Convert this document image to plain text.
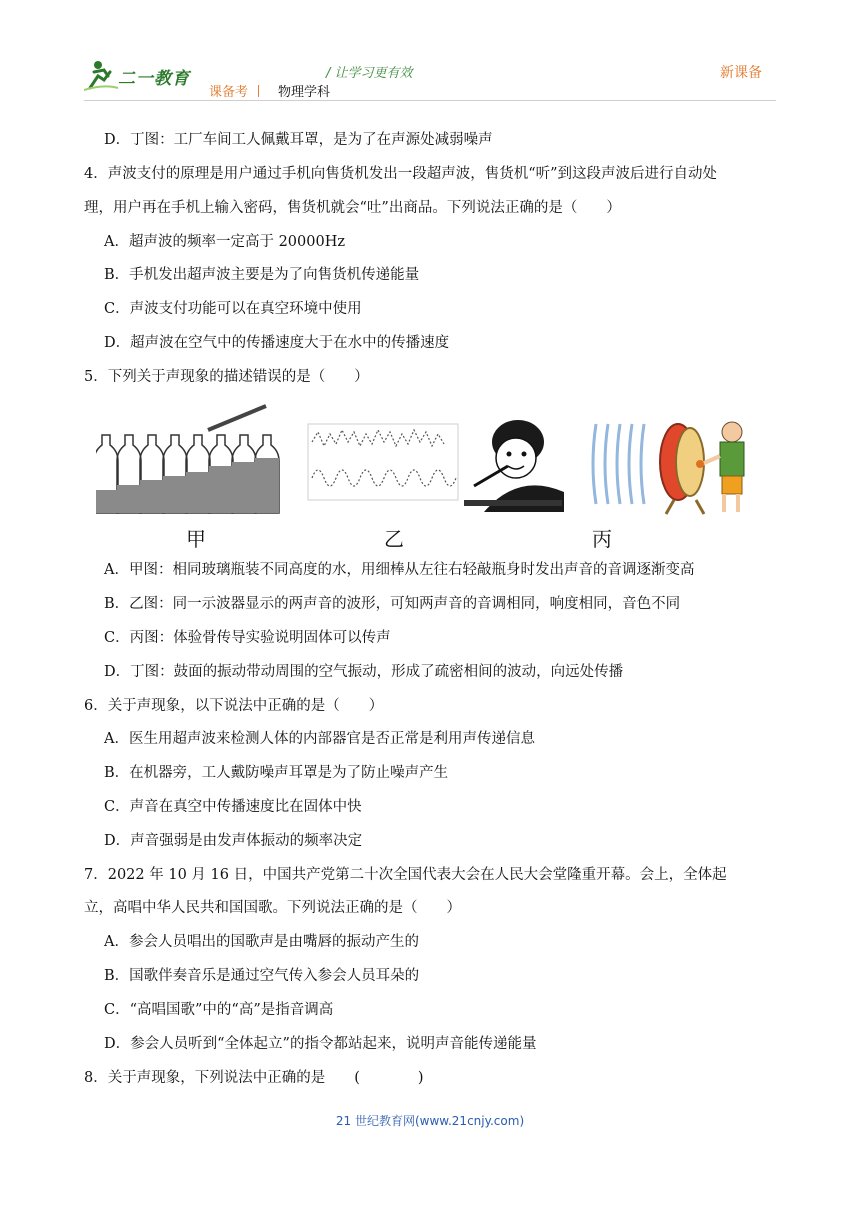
二一教育	/ 让学习更有效	新课备
课备考 丨 物理学科
D．丁图：工厂车间工人佩戴耳罩，是为了在声源处减弱噪声
4．声波支付的原理是用户通过手机向售货机发出一段超声波，售货机“听”到这段声波后进行自动处
理，用户再在手机上输入密码，售货机就会“吐”出商品。下列说法正确的是（　　）
A．超声波的频率一定高于 20000Hz
B．手机发出超声波主要是为了向售货机传递能量
C．声波支付功能可以在真空环境中使用
D．超声波在空气中的传播速度大于在水中的传播速度
5．下列关于声现象的描述错误的是（　　）
甲	乙	丙
A．甲图：相同玻璃瓶装不同高度的水，用细棒从左往右轻敲瓶身时发出声音的音调逐渐变高
B．乙图：同一示波器显示的两声音的波形，可知两声音的音调相同，响度相同，音色不同
C．丙图：体验骨传导实验说明固体可以传声
D．丁图：鼓面的振动带动周围的空气振动，形成了疏密相间的波动，向远处传播
6．关于声现象，以下说法中正确的是（　　）
A．医生用超声波来检测人体的内部器官是否正常是利用声传递信息
B．在机器旁，工人戴防噪声耳罩是为了防止噪声产生
C．声音在真空中传播速度比在固体中快
D．声音强弱是由发声体振动的频率决定
7．2022 年 10 月 16 日，中国共产党第二十次全国代表大会在人民大会堂隆重开幕。会上，全体起
立，高唱中华人民共和国国歌。下列说法正确的是（　　）
A．参会人员唱出的国歌声是由嘴唇的振动产生的
B．国歌伴奏音乐是通过空气传入参会人员耳朵的
C．“高唱国歌”中的“高”是指音调高
D．参会人员听到“全体起立”的指令都站起来，说明声音能传递能量
8．关于声现象，下列说法中正确的是　　(　　　　)
21 世纪教育网(www.21cnjy.com)
